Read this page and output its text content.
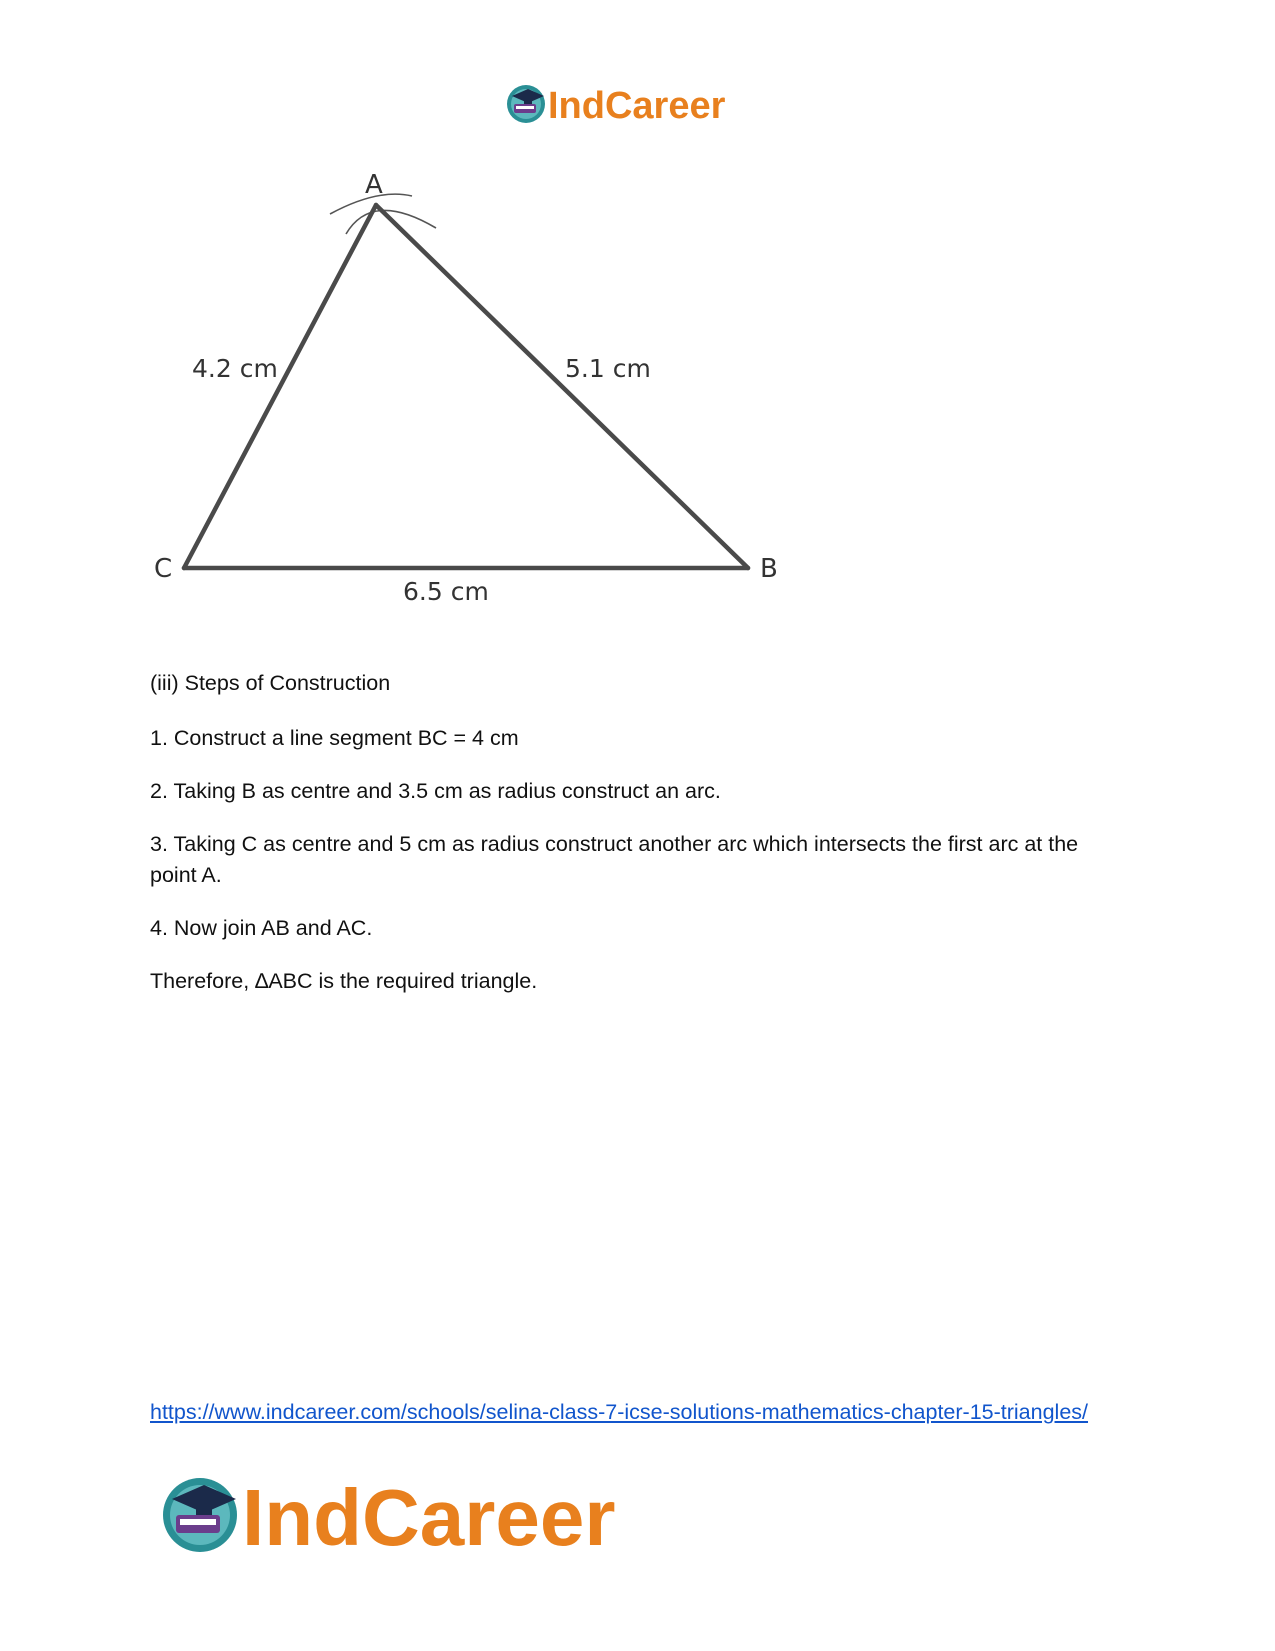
IndCareer
A
B
C
4.2 cm	5.1 cm
6.5 cm

(iii) Steps of Construction

1. Construct a line segment BC = 4 cm

2. Taking B as centre and 3.5 cm as radius construct an arc.

3. Taking C as centre and 5 cm as radius construct another arc which intersects the first arc at the point A.

4. Now join AB and AC.

Therefore, ∆ABC is the required triangle.

https://www.indcareer.com/schools/selina-class-7-icse-solutions-mathematics-chapter-15-triangles/
IndCareer
